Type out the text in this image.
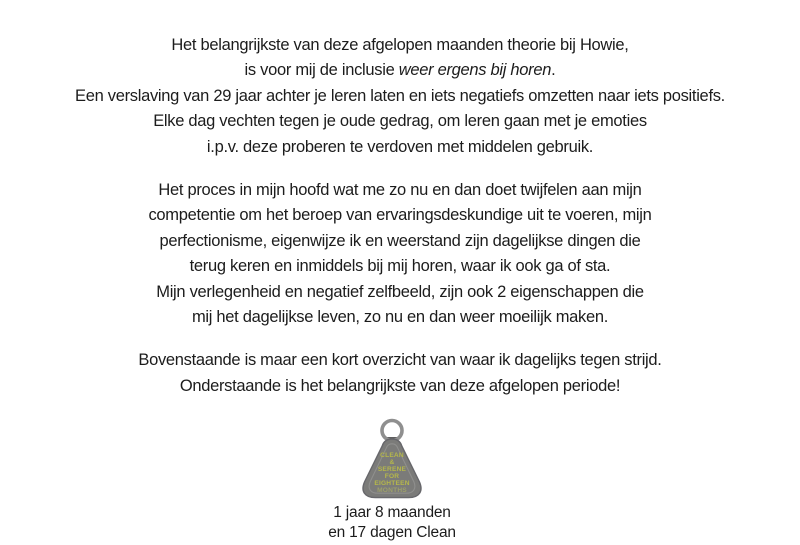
Het belangrijkste van deze afgelopen maanden theorie bij Howie,
is voor mij de inclusie weer ergens bij horen.
Een verslaving van 29 jaar achter je leren laten en iets negatiefs omzetten naar iets positiefs.
Elke dag vechten tegen je oude gedrag, om leren gaan met je emoties
i.p.v. deze proberen te verdoven met middelen gebruik.
Het proces in mijn hoofd wat me zo nu en dan doet twijfelen aan mijn
competentie om het beroep van ervaringsdeskundige uit te voeren, mijn
perfectionisme, eigenwijze ik en weerstand zijn dagelijkse dingen die
terug keren en inmiddels bij mij horen, waar ik ook ga of sta.
Mijn verlegenheid en negatief zelfbeeld, zijn ook 2 eigenschappen die
mij het dagelijkse leven, zo nu en dan weer moeilijk maken.
Bovenstaande is maar een kort overzicht van waar ik dagelijks tegen strijd.
Onderstaande is het belangrijkste van deze afgelopen periode!
CLEAN
&
SERENE
FOR
EIGHTEEN
MONTHS
1 jaar 8 maanden
en 17 dagen Clean
